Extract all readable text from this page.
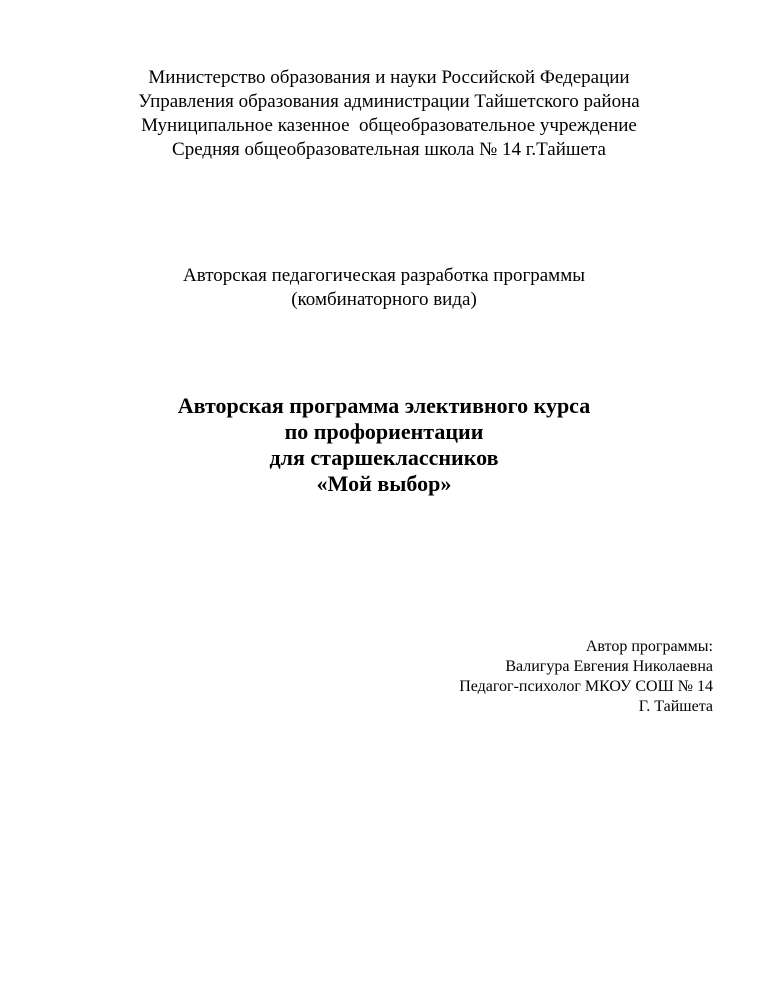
Министерство образования и науки Российской Федерации
Управления образования администрации Тайшетского района
Муниципальное казенное  общеобразовательное учреждение
Средняя общеобразовательная школа № 14 г.Тайшета
Авторская педагогическая разработка программы
(комбинаторного вида)
Авторская программа элективного курса
по профориентации
для старшеклассников
«Мой выбор»
Автор программы:
Валигура Евгения Николаевна
Педагог-психолог МКОУ СОШ № 14
Г. Тайшета
